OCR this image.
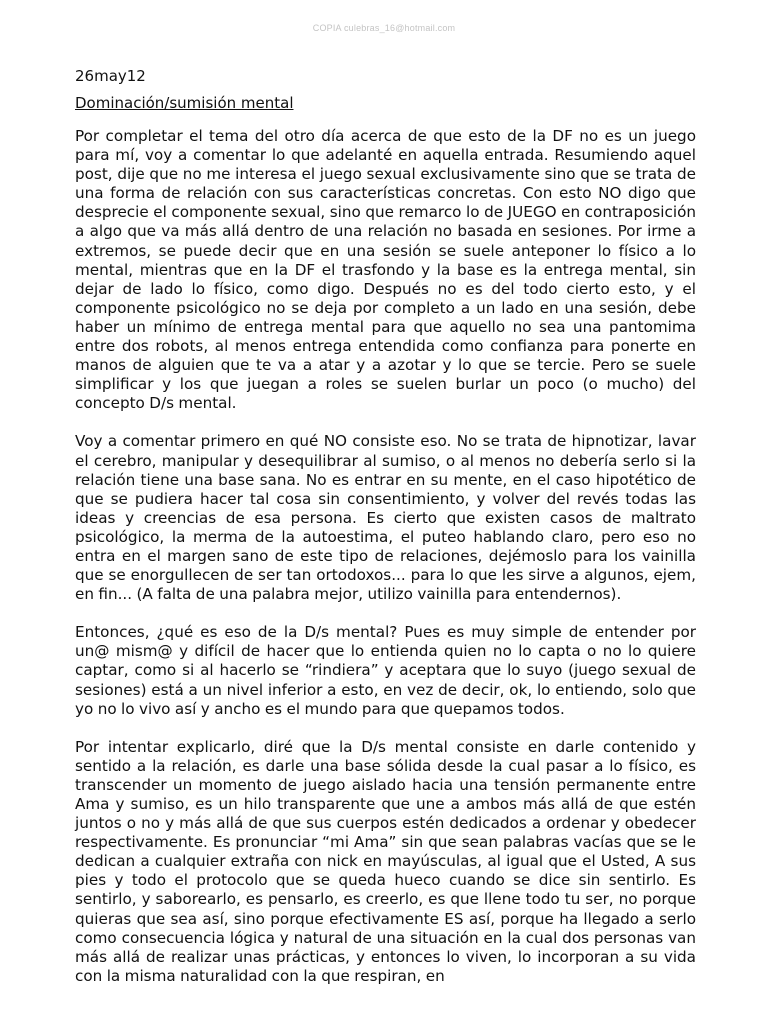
COPIA culebras_16@hotmail.com
26may12
Dominación/sumisión mental

Por completar el tema del otro día acerca de que esto de la DF no es un juego para mí, voy a comentar lo que adelanté en aquella entrada. Resumiendo aquel post, dije que no me interesa el juego sexual exclusivamente sino que se trata de una forma de relación con sus características concretas. Con esto NO digo que desprecie el componente sexual, sino que remarco lo de JUEGO en contraposición a algo que va más allá dentro de una relación no basada en sesiones. Por irme a extremos, se puede decir que en una sesión se suele anteponer lo físico a lo mental, mientras que en la DF el trasfondo y la base es la entrega mental, sin dejar de lado lo físico, como digo. Después no es del todo cierto esto, y el componente psicológico no se deja por completo a un lado en una sesión, debe haber un mínimo de entrega mental para que aquello no sea una pantomima entre dos robots, al menos entrega entendida como confianza para ponerte en manos de alguien que te va a atar y a azotar y lo que se tercie. Pero se suele simplificar y los que juegan a roles se suelen burlar un poco (o mucho) del concepto D/s mental.

Voy a comentar primero en qué NO consiste eso. No se trata de hipnotizar, lavar el cerebro, manipular y desequilibrar al sumiso, o al menos no debería serlo si la relación tiene una base sana. No es entrar en su mente, en el caso hipotético de que se pudiera hacer tal cosa sin consentimiento, y volver del revés todas las ideas y creencias de esa persona. Es cierto que existen casos de maltrato psicológico, la merma de la autoestima, el puteo hablando claro, pero eso no entra en el margen sano de este tipo de relaciones, dejémoslo para los vainilla que se enorgullecen de ser tan ortodoxos... para lo que les sirve a algunos, ejem, en fin... (A falta de una palabra mejor, utilizo vainilla para entendernos).

Entonces, ¿qué es eso de la D/s mental? Pues es muy simple de entender por un@ mism@ y difícil de hacer que lo entienda quien no lo capta o no lo quiere captar, como si al hacerlo se “rindiera” y aceptara que lo suyo (juego sexual de sesiones) está a un nivel inferior a esto, en vez de decir, ok, lo entiendo, solo que yo no lo vivo así y ancho es el mundo para que quepamos todos.

Por intentar explicarlo, diré que la D/s mental consiste en darle contenido y sentido a la relación, es darle una base sólida desde la cual pasar a lo físico, es transcender un momento de juego aislado hacia una tensión permanente entre Ama y sumiso, es un hilo transparente que une a ambos más allá de que estén juntos o no y más allá de que sus cuerpos estén dedicados a ordenar y obedecer respectivamente. Es pronunciar “mi Ama” sin que sean palabras vacías que se le dedican a cualquier extraña con nick en mayúsculas, al igual que el Usted, A sus pies y todo el protocolo que se queda hueco cuando se dice sin sentirlo. Es sentirlo, y saborearlo, es pensarlo, es creerlo, es que llene todo tu ser, no porque quieras que sea así, sino porque efectivamente ES así, porque ha llegado a serlo como consecuencia lógica y natural de una situación en la cual dos personas van más allá de realizar unas prácticas, y entonces lo viven, lo incorporan a su vida con la misma naturalidad con la que respiran, en
